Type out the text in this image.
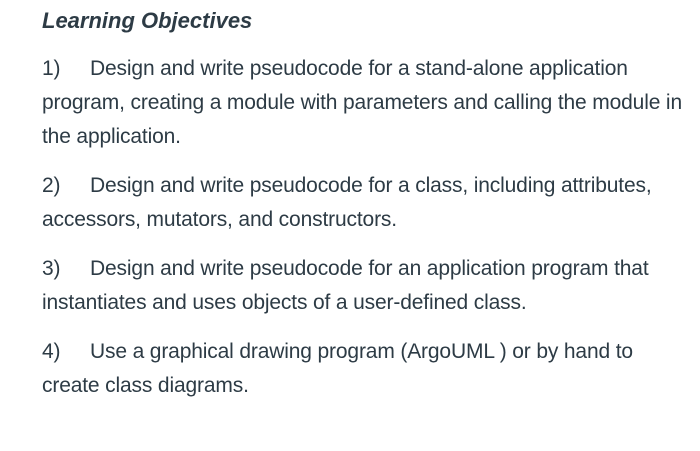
Learning Objectives
1) Design and write pseudocode for a stand-alone application program, creating a module with parameters and calling the module in the application.
2) Design and write pseudocode for a class, including attributes, accessors, mutators, and constructors.
3) Design and write pseudocode for an application program that instantiates and uses objects of a user-defined class.
4) Use a graphical drawing program (ArgoUML ) or by hand to create class diagrams.
